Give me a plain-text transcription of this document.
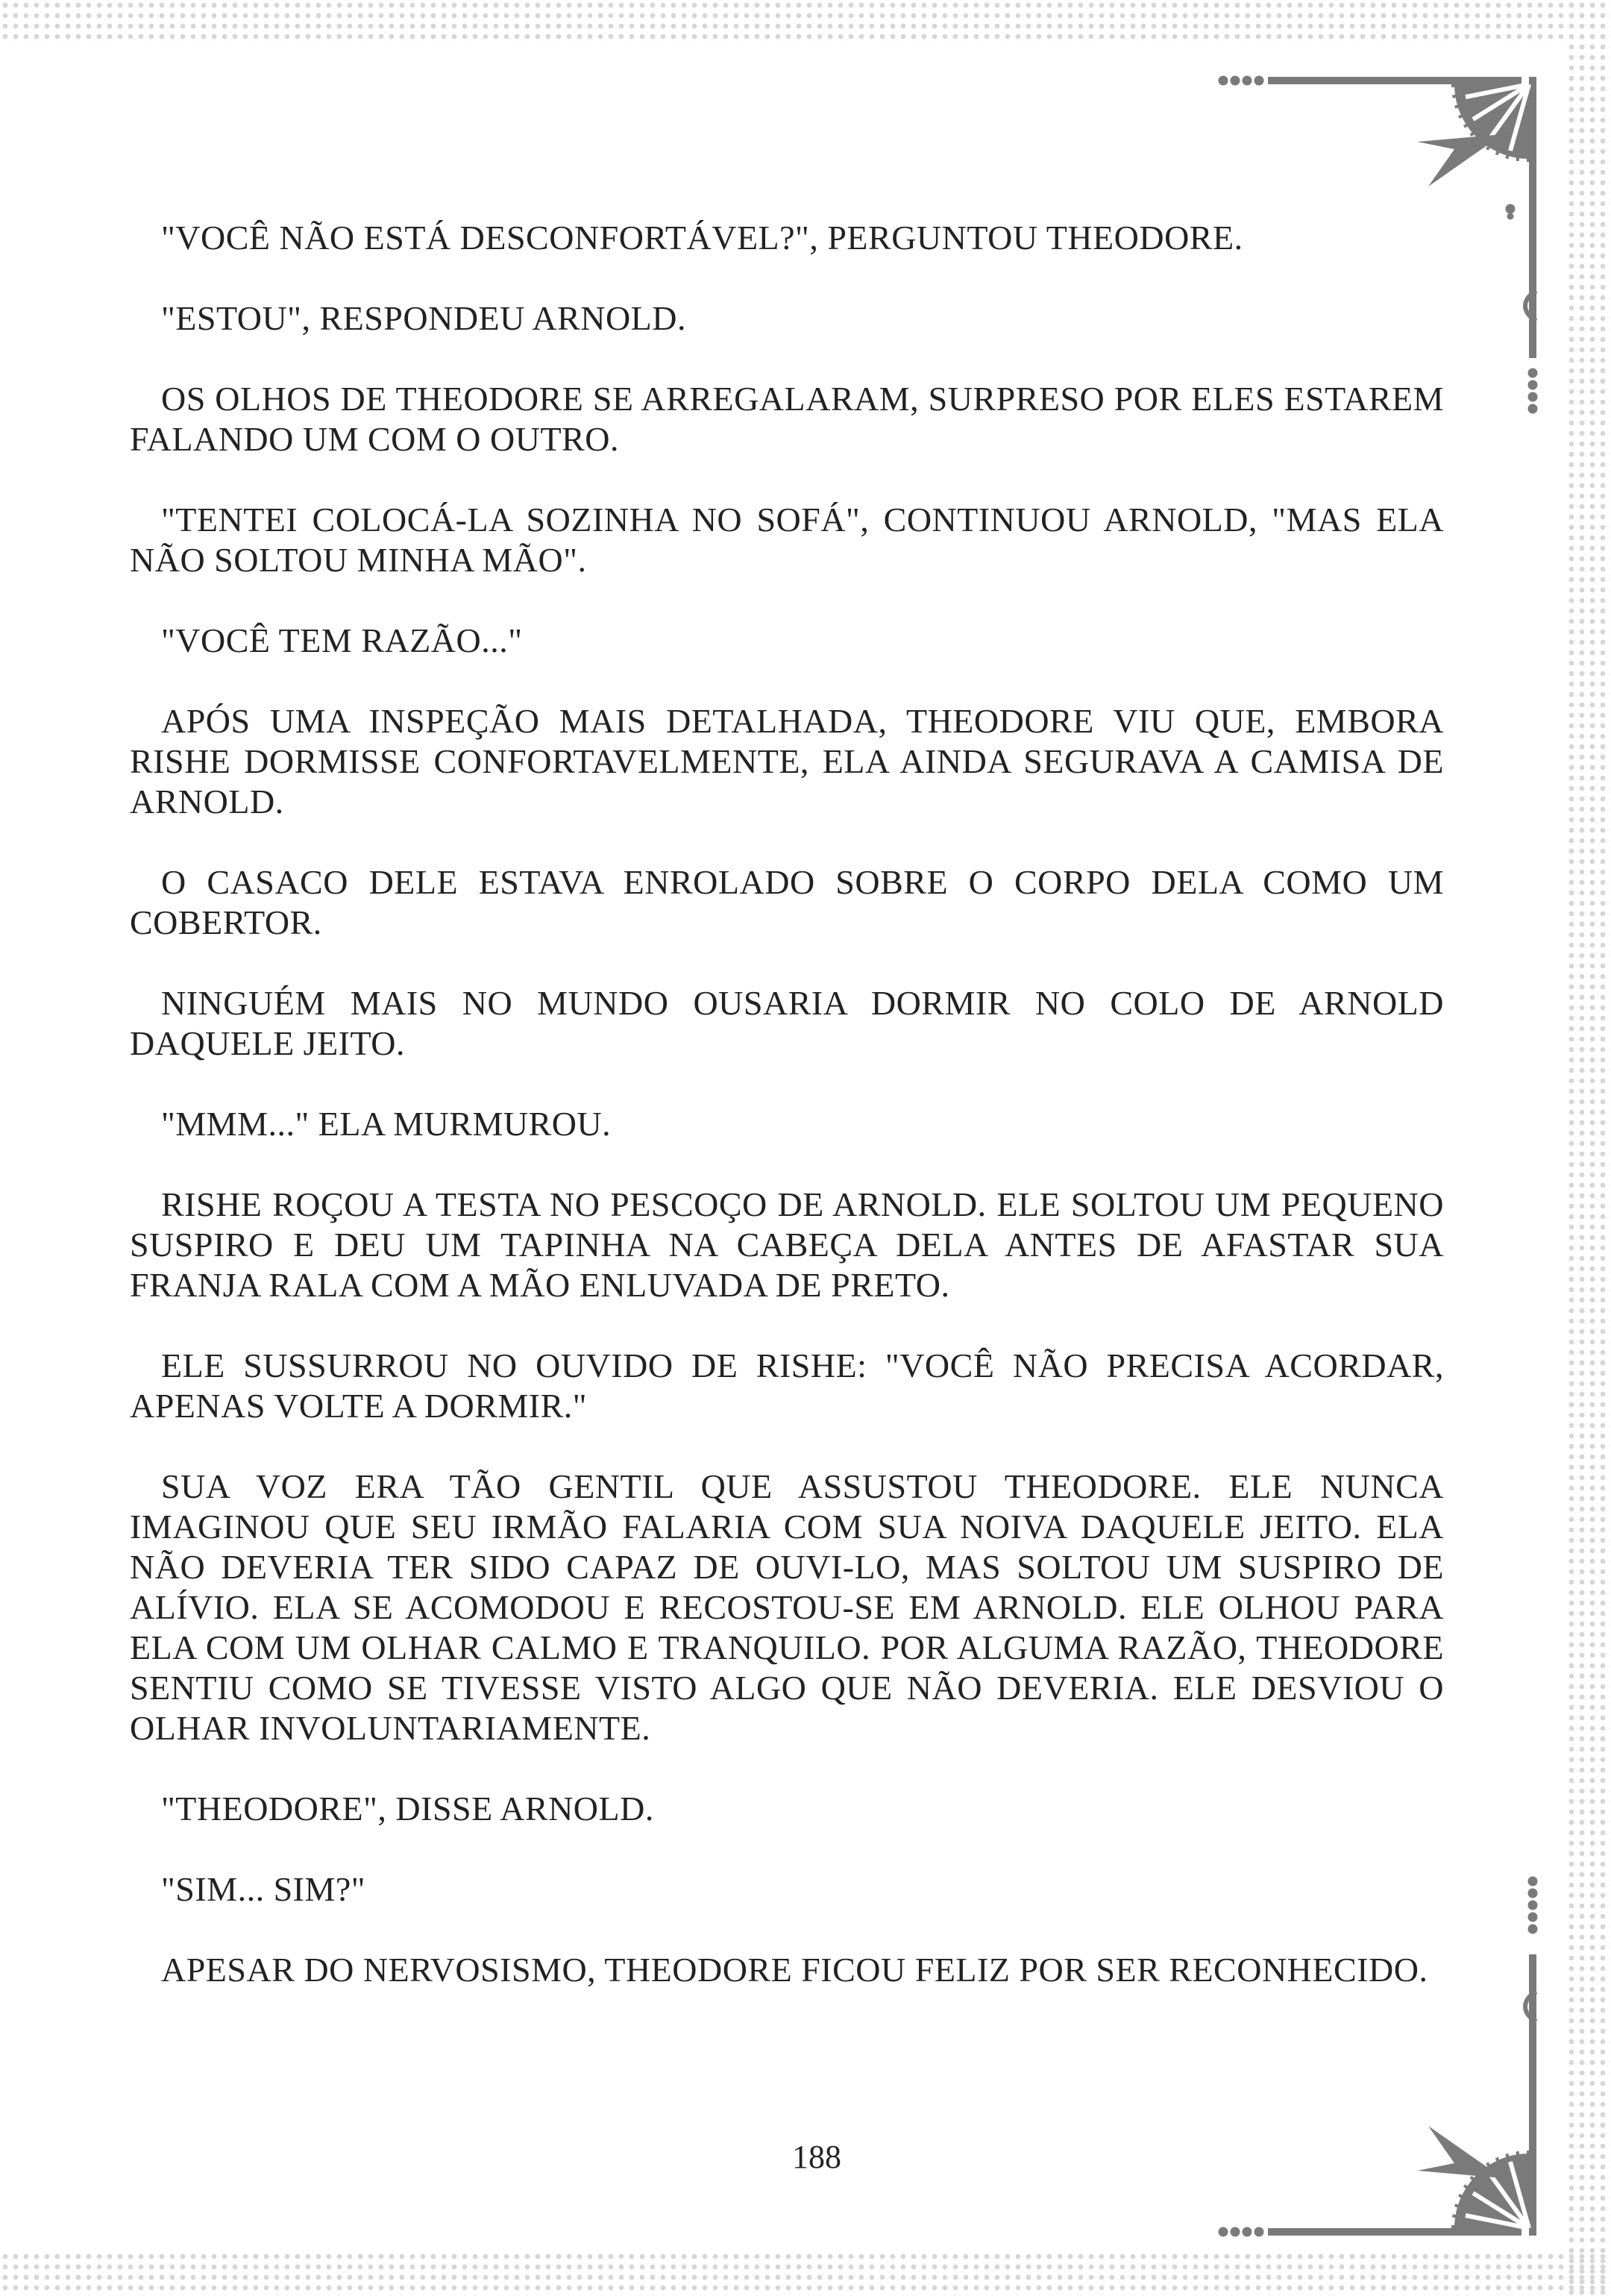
"VOCÊ NÃO ESTÁ DESCONFORTÁVEL?", PERGUNTOU THEODORE.

"ESTOU", RESPONDEU ARNOLD.

OS OLHOS DE THEODORE SE ARREGALARAM, SURPRESO POR ELES ESTAREM FALANDO UM COM O OUTRO.

"TENTEI COLOCÁ-LA SOZINHA NO SOFÁ", CONTINUOU ARNOLD, "MAS ELA NÃO SOLTOU MINHA MÃO".

"VOCÊ TEM RAZÃO..."

APÓS UMA INSPEÇÃO MAIS DETALHADA, THEODORE VIU QUE, EMBORA RISHE DORMISSE CONFORTAVELMENTE, ELA AINDA SEGURAVA A CAMISA DE ARNOLD.

O CASACO DELE ESTAVA ENROLADO SOBRE O CORPO DELA COMO UM COBERTOR.

NINGUÉM MAIS NO MUNDO OUSARIA DORMIR NO COLO DE ARNOLD DAQUELE JEITO.

"MMM..." ELA MURMUROU.

RISHE ROÇOU A TESTA NO PESCOÇO DE ARNOLD. ELE SOLTOU UM PEQUENO SUSPIRO E DEU UM TAPINHA NA CABEÇA DELA ANTES DE AFASTAR SUA FRANJA RALA COM A MÃO ENLUVADA DE PRETO.

ELE SUSSURROU NO OUVIDO DE RISHE: "VOCÊ NÃO PRECISA ACORDAR, APENAS VOLTE A DORMIR."

SUA VOZ ERA TÃO GENTIL QUE ASSUSTOU THEODORE. ELE NUNCA IMAGINOU QUE SEU IRMÃO FALARIA COM SUA NOIVA DAQUELE JEITO. ELA NÃO DEVERIA TER SIDO CAPAZ DE OUVI-LO, MAS SOLTOU UM SUSPIRO DE ALÍVIO. ELA SE ACOMODOU E RECOSTOU-SE EM ARNOLD. ELE OLHOU PARA ELA COM UM OLHAR CALMO E TRANQUILO. POR ALGUMA RAZÃO, THEODORE SENTIU COMO SE TIVESSE VISTO ALGO QUE NÃO DEVERIA. ELE DESVIOU O OLHAR INVOLUNTARIAMENTE.

"THEODORE", DISSE ARNOLD.

"SIM... SIM?"

APESAR DO NERVOSISMO, THEODORE FICOU FELIZ POR SER RECONHECIDO.

188
